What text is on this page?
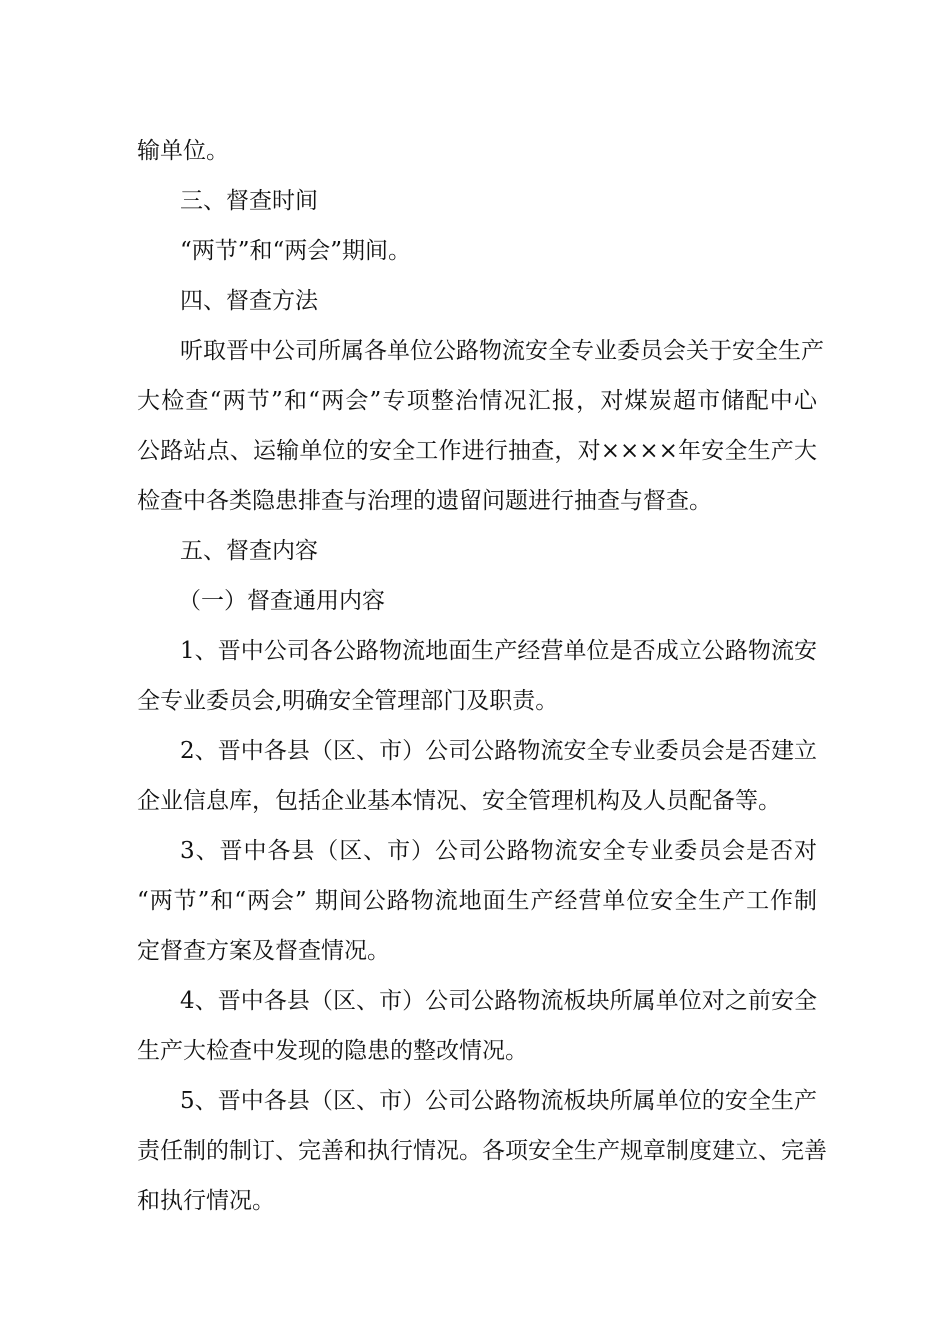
输单位。
三、督查时间
“两节”和“两会”期间。
四、督查方法
听取晋中公司所属各单位公路物流安全专业委员会关于安全生产
大检查“两节”和“两会”专项整治情况汇报，对煤炭超市储配中心
公路站点、运输单位的安全工作进行抽查，对××××年安全生产大
检查中各类隐患排查与治理的遗留问题进行抽查与督查。
五、督查内容
（一）督查通用内容
1、晋中公司各公路物流地面生产经营单位是否成立公路物流安
全专业委员会,明确安全管理部门及职责。
2、晋中各县（区、市）公司公路物流安全专业委员会是否建立
企业信息库，包括企业基本情况、安全管理机构及人员配备等。
3、晋中各县（区、市）公司公路物流安全专业委员会是否对
“两节”和“两会” 期间公路物流地面生产经营单位安全生产工作制
定督查方案及督查情况。
4、晋中各县（区、市）公司公路物流板块所属单位对之前安全
生产大检查中发现的隐患的整改情况。
5、晋中各县（区、市）公司公路物流板块所属单位的安全生产
责任制的制订、完善和执行情况。各项安全生产规章制度建立、完善
和执行情况。
